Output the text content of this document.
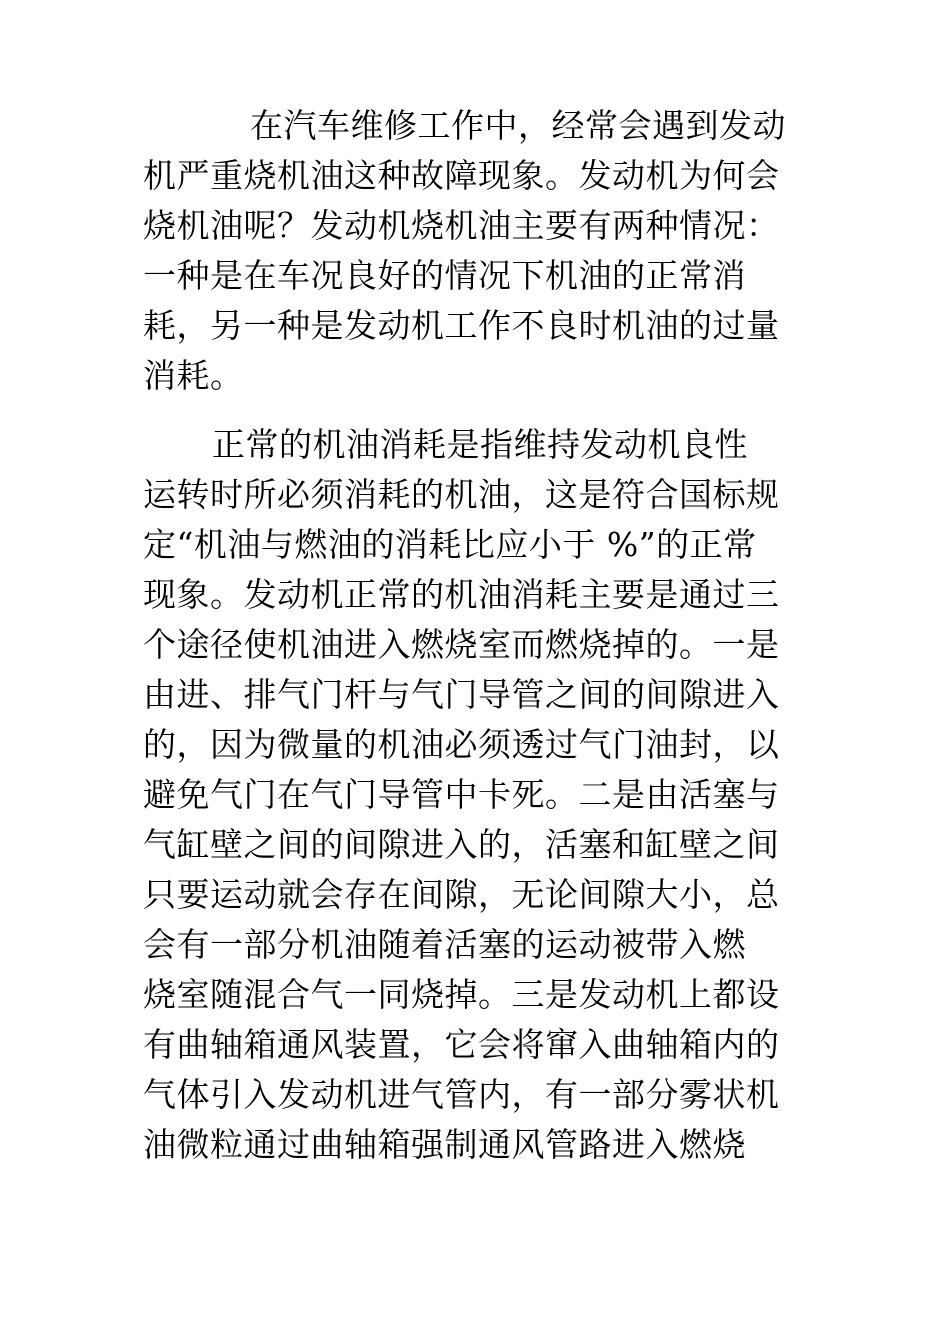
在汽车维修工作中，经常会遇到发动
机严重烧机油这种故障现象。发动机为何会
烧机油呢？发动机烧机油主要有两种情况：
一种是在车况良好的情况下机油的正常消
耗，另一种是发动机工作不良时机油的过量
消耗。
正常的机油消耗是指维持发动机良性
运转时所必须消耗的机油，这是符合国标规
定“机油与燃油的消耗比应小于 %”的正常
现象。发动机正常的机油消耗主要是通过三
个途径使机油进入燃烧室而燃烧掉的。一是
由进、排气门杆与气门导管之间的间隙进入
的，因为微量的机油必须透过气门油封，以
避免气门在气门导管中卡死。二是由活塞与
气缸壁之间的间隙进入的，活塞和缸壁之间
只要运动就会存在间隙，无论间隙大小，总
会有一部分机油随着活塞的运动被带入燃
烧室随混合气一同烧掉。三是发动机上都设
有曲轴箱通风装置，它会将窜入曲轴箱内的
气体引入发动机进气管内，有一部分雾状机
油微粒通过曲轴箱强制通风管路进入燃烧
